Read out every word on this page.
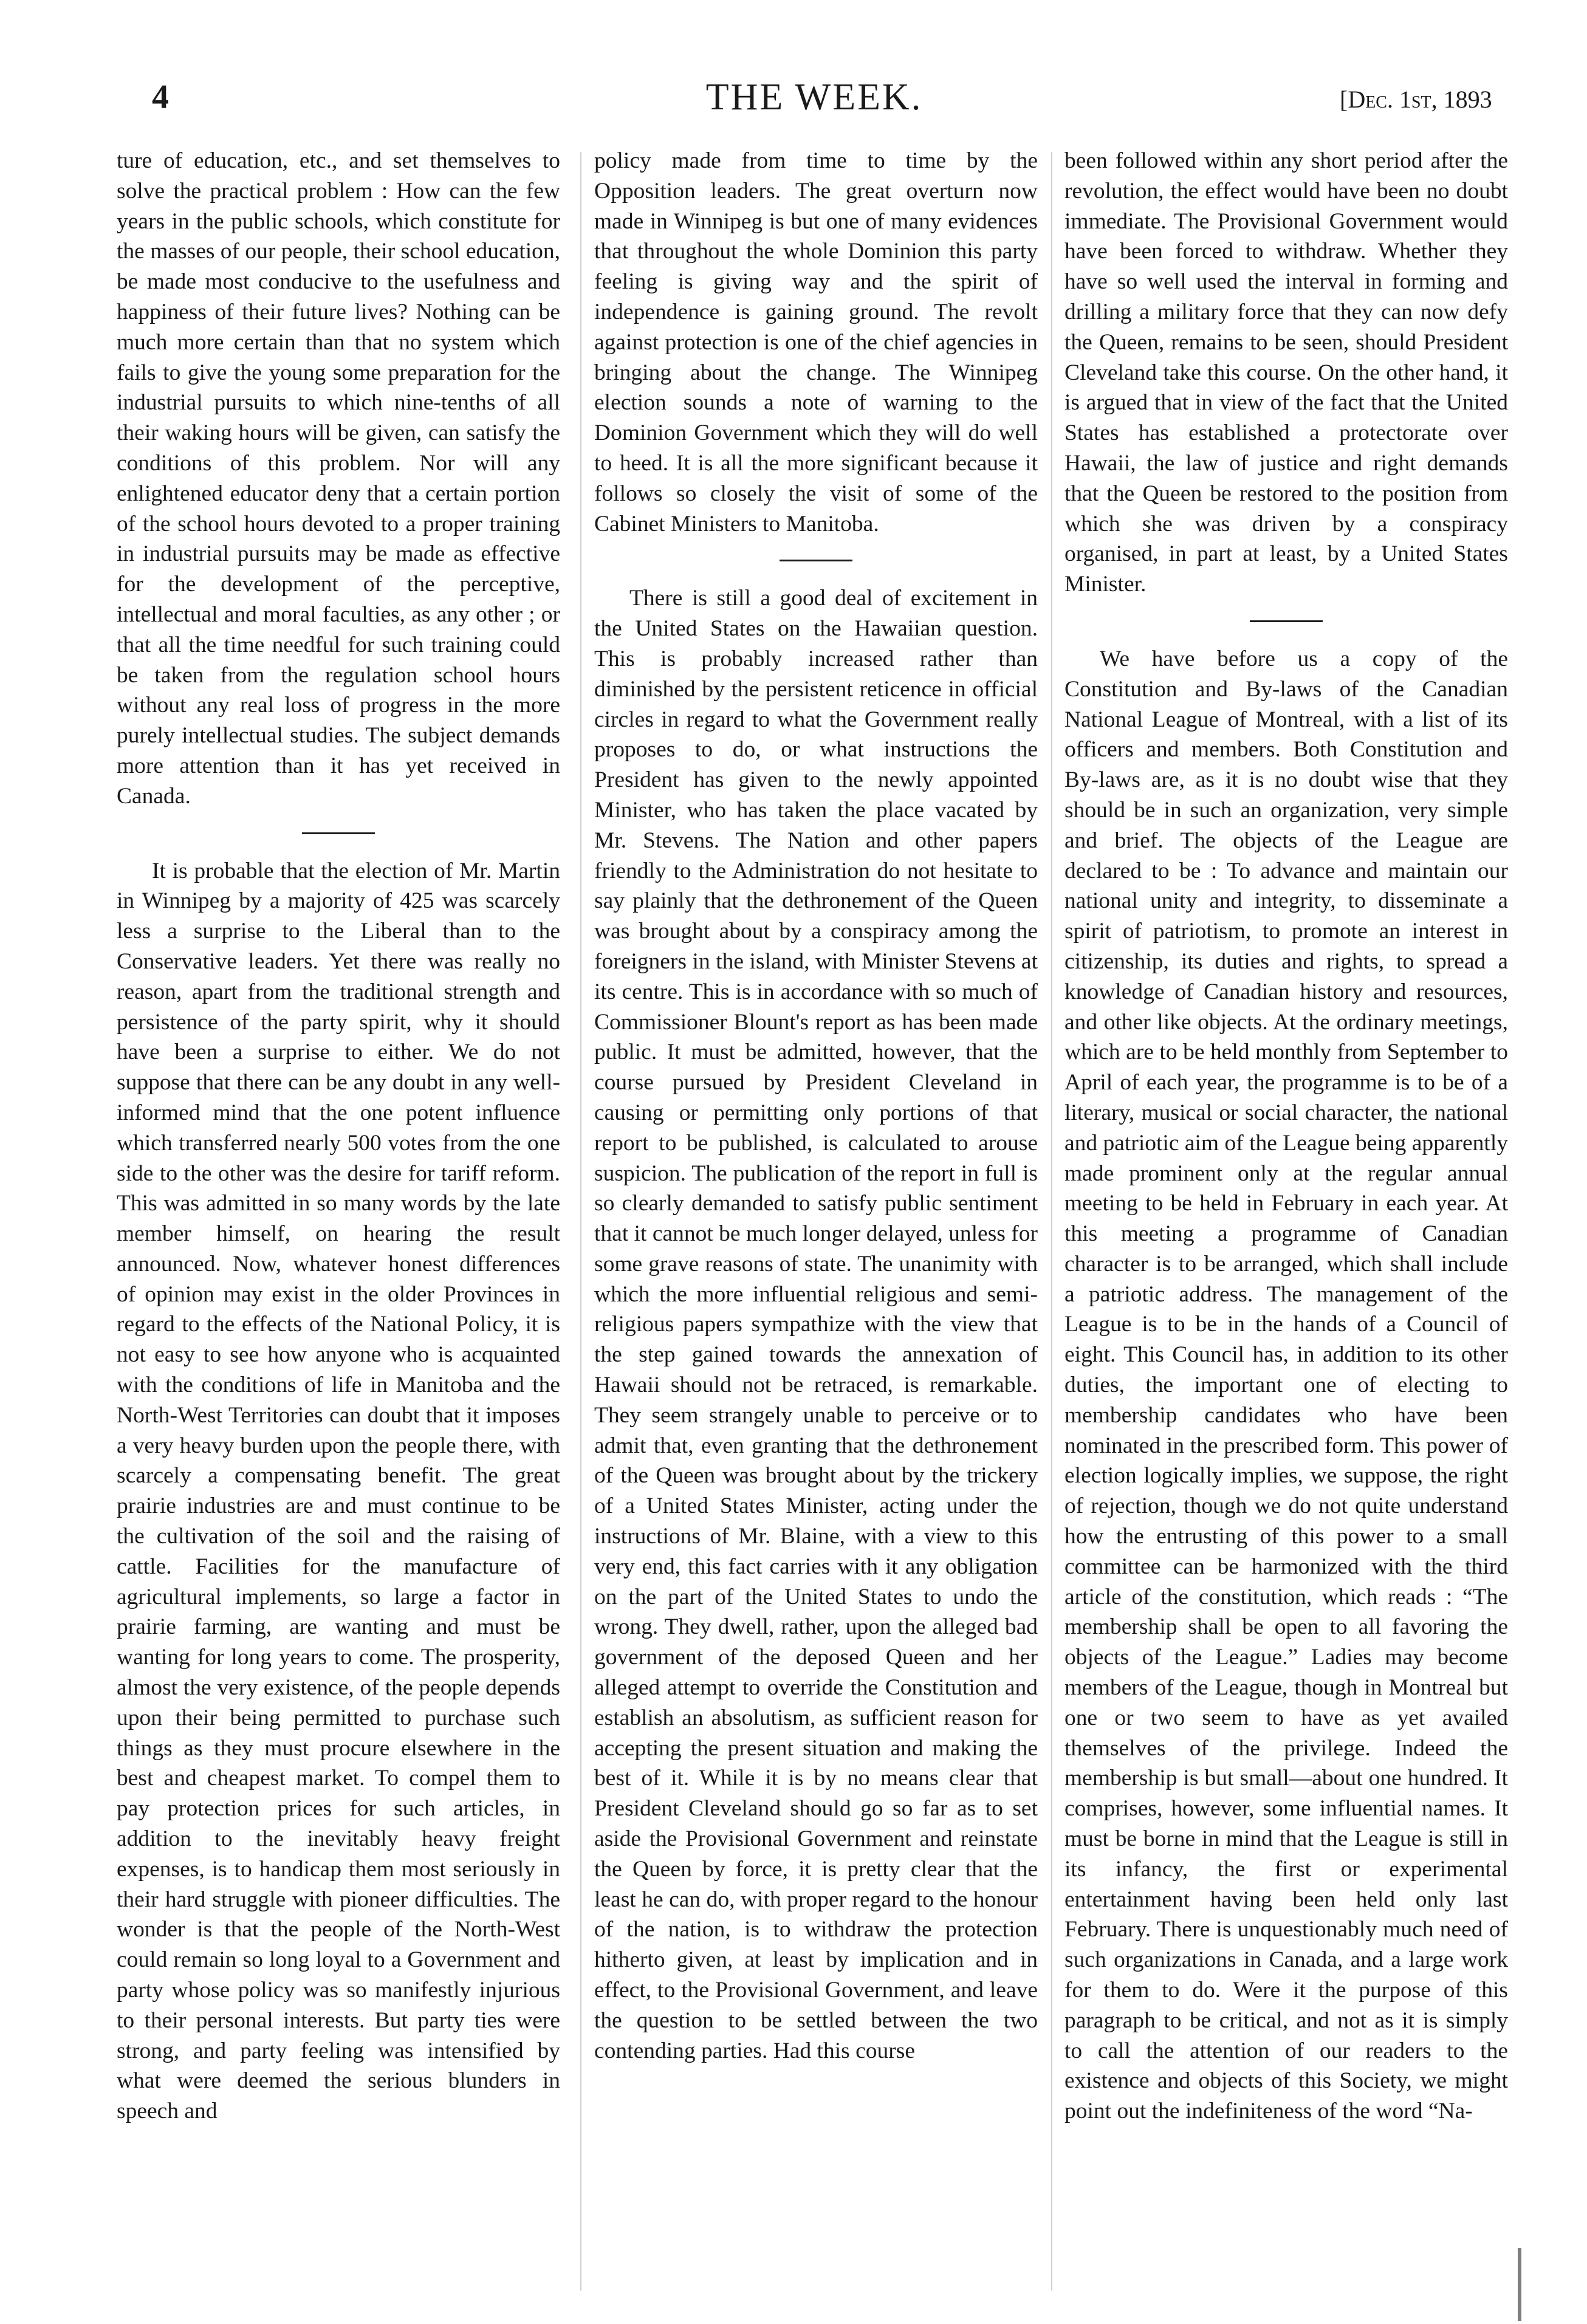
4	THE WEEK.	[Dec. 1st, 1893

ture of education, etc., and set themselves to solve the practical problem : How can the few years in the public schools, which constitute for the masses of our people, their school education, be made most conducive to the usefulness and happiness of their future lives? Nothing can be much more certain than that no system which fails to give the young some preparation for the industrial pursuits to which nine-tenths of all their waking hours will be given, can satisfy the conditions of this problem. Nor will any enlightened educator deny that a certain portion of the school hours devoted to a proper training in industrial pursuits may be made as effective for the development of the perceptive, intellectual and moral faculties, as any other ; or that all the time needful for such training could be taken from the regulation school hours without any real loss of progress in the more purely intellectual studies. The subject demands more attention than it has yet received in Canada.

It is probable that the election of Mr. Martin in Winnipeg by a majority of 425 was scarcely less a surprise to the Liberal than to the Conservative leaders. Yet there was really no reason, apart from the traditional strength and persistence of the party spirit, why it should have been a surprise to either. We do not suppose that there can be any doubt in any well-informed mind that the one potent influence which transferred nearly 500 votes from the one side to the other was the desire for tariff reform. This was admitted in so many words by the late member himself, on hearing the result announced. Now, whatever honest differences of opinion may exist in the older Provinces in regard to the effects of the National Policy, it is not easy to see how anyone who is acquainted with the conditions of life in Manitoba and the North-West Territories can doubt that it imposes a very heavy burden upon the people there, with scarcely a compensating benefit. The great prairie industries are and must continue to be the cultivation of the soil and the raising of cattle. Facilities for the manufacture of agricultural implements, so large a factor in prairie farming, are wanting and must be wanting for long years to come. The prosperity, almost the very existence, of the people depends upon their being permitted to purchase such things as they must procure elsewhere in the best and cheapest market. To compel them to pay protection prices for such articles, in addition to the inevitably heavy freight expenses, is to handicap them most seriously in their hard struggle with pioneer difficulties. The wonder is that the people of the North-West could remain so long loyal to a Government and party whose policy was so manifestly injurious to their personal interests. But party ties were strong, and party feeling was intensified by what were deemed the serious blunders in speech and

policy made from time to time by the Opposition leaders. The great overturn now made in Winnipeg is but one of many evidences that throughout the whole Dominion this party feeling is giving way and the spirit of independence is gaining ground. The revolt against protection is one of the chief agencies in bringing about the change. The Winnipeg election sounds a note of warning to the Dominion Government which they will do well to heed. It is all the more significant because it follows so closely the visit of some of the Cabinet Ministers to Manitoba.

There is still a good deal of excitement in the United States on the Hawaiian question. This is probably increased rather than diminished by the persistent reticence in official circles in regard to what the Government really proposes to do, or what instructions the President has given to the newly appointed Minister, who has taken the place vacated by Mr. Stevens. The Nation and other papers friendly to the Administration do not hesitate to say plainly that the dethronement of the Queen was brought about by a conspiracy among the foreigners in the island, with Minister Stevens at its centre. This is in accordance with so much of Commissioner Blount's report as has been made public. It must be admitted, however, that the course pursued by President Cleveland in causing or permitting only portions of that report to be published, is calculated to arouse suspicion. The publication of the report in full is so clearly demanded to satisfy public sentiment that it cannot be much longer delayed, unless for some grave reasons of state. The unanimity with which the more influential religious and semi-religious papers sympathize with the view that the step gained towards the annexation of Hawaii should not be retraced, is remarkable. They seem strangely unable to perceive or to admit that, even granting that the dethronement of the Queen was brought about by the trickery of a United States Minister, acting under the instructions of Mr. Blaine, with a view to this very end, this fact carries with it any obligation on the part of the United States to undo the wrong. They dwell, rather, upon the alleged bad government of the deposed Queen and her alleged attempt to override the Constitution and establish an absolutism, as sufficient reason for accepting the present situation and making the best of it. While it is by no means clear that President Cleveland should go so far as to set aside the Provisional Government and reinstate the Queen by force, it is pretty clear that the least he can do, with proper regard to the honour of the nation, is to withdraw the protection hitherto given, at least by implication and in effect, to the Provisional Government, and leave the question to be settled between the two contending parties. Had this course

been followed within any short period after the revolution, the effect would have been no doubt immediate. The Provisional Government would have been forced to withdraw. Whether they have so well used the interval in forming and drilling a military force that they can now defy the Queen, remains to be seen, should President Cleveland take this course. On the other hand, it is argued that in view of the fact that the United States has established a protectorate over Hawaii, the law of justice and right demands that the Queen be restored to the position from which she was driven by a conspiracy organised, in part at least, by a United States Minister.

We have before us a copy of the Constitution and By-laws of the Canadian National League of Montreal, with a list of its officers and members. Both Constitution and By-laws are, as it is no doubt wise that they should be in such an organization, very simple and brief. The objects of the League are declared to be : To advance and maintain our national unity and integrity, to disseminate a spirit of patriotism, to promote an interest in citizenship, its duties and rights, to spread a knowledge of Canadian history and resources, and other like objects. At the ordinary meetings, which are to be held monthly from September to April of each year, the programme is to be of a literary, musical or social character, the national and patriotic aim of the League being apparently made prominent only at the regular annual meeting to be held in February in each year. At this meeting a programme of Canadian character is to be arranged, which shall include a patriotic address. The management of the League is to be in the hands of a Council of eight. This Council has, in addition to its other duties, the important one of electing to membership candidates who have been nominated in the prescribed form. This power of election logically implies, we suppose, the right of rejection, though we do not quite understand how the entrusting of this power to a small committee can be harmonized with the third article of the constitution, which reads : “The membership shall be open to all favoring the objects of the League.” Ladies may become members of the League, though in Montreal but one or two seem to have as yet availed themselves of the privilege. Indeed the membership is but small—about one hundred. It comprises, however, some influential names. It must be borne in mind that the League is still in its infancy, the first or experimental entertainment having been held only last February. There is unquestionably much need of such organizations in Canada, and a large work for them to do. Were it the purpose of this paragraph to be critical, and not as it is simply to call the attention of our readers to the existence and objects of this Society, we might point out the indefiniteness of the word “Na-
